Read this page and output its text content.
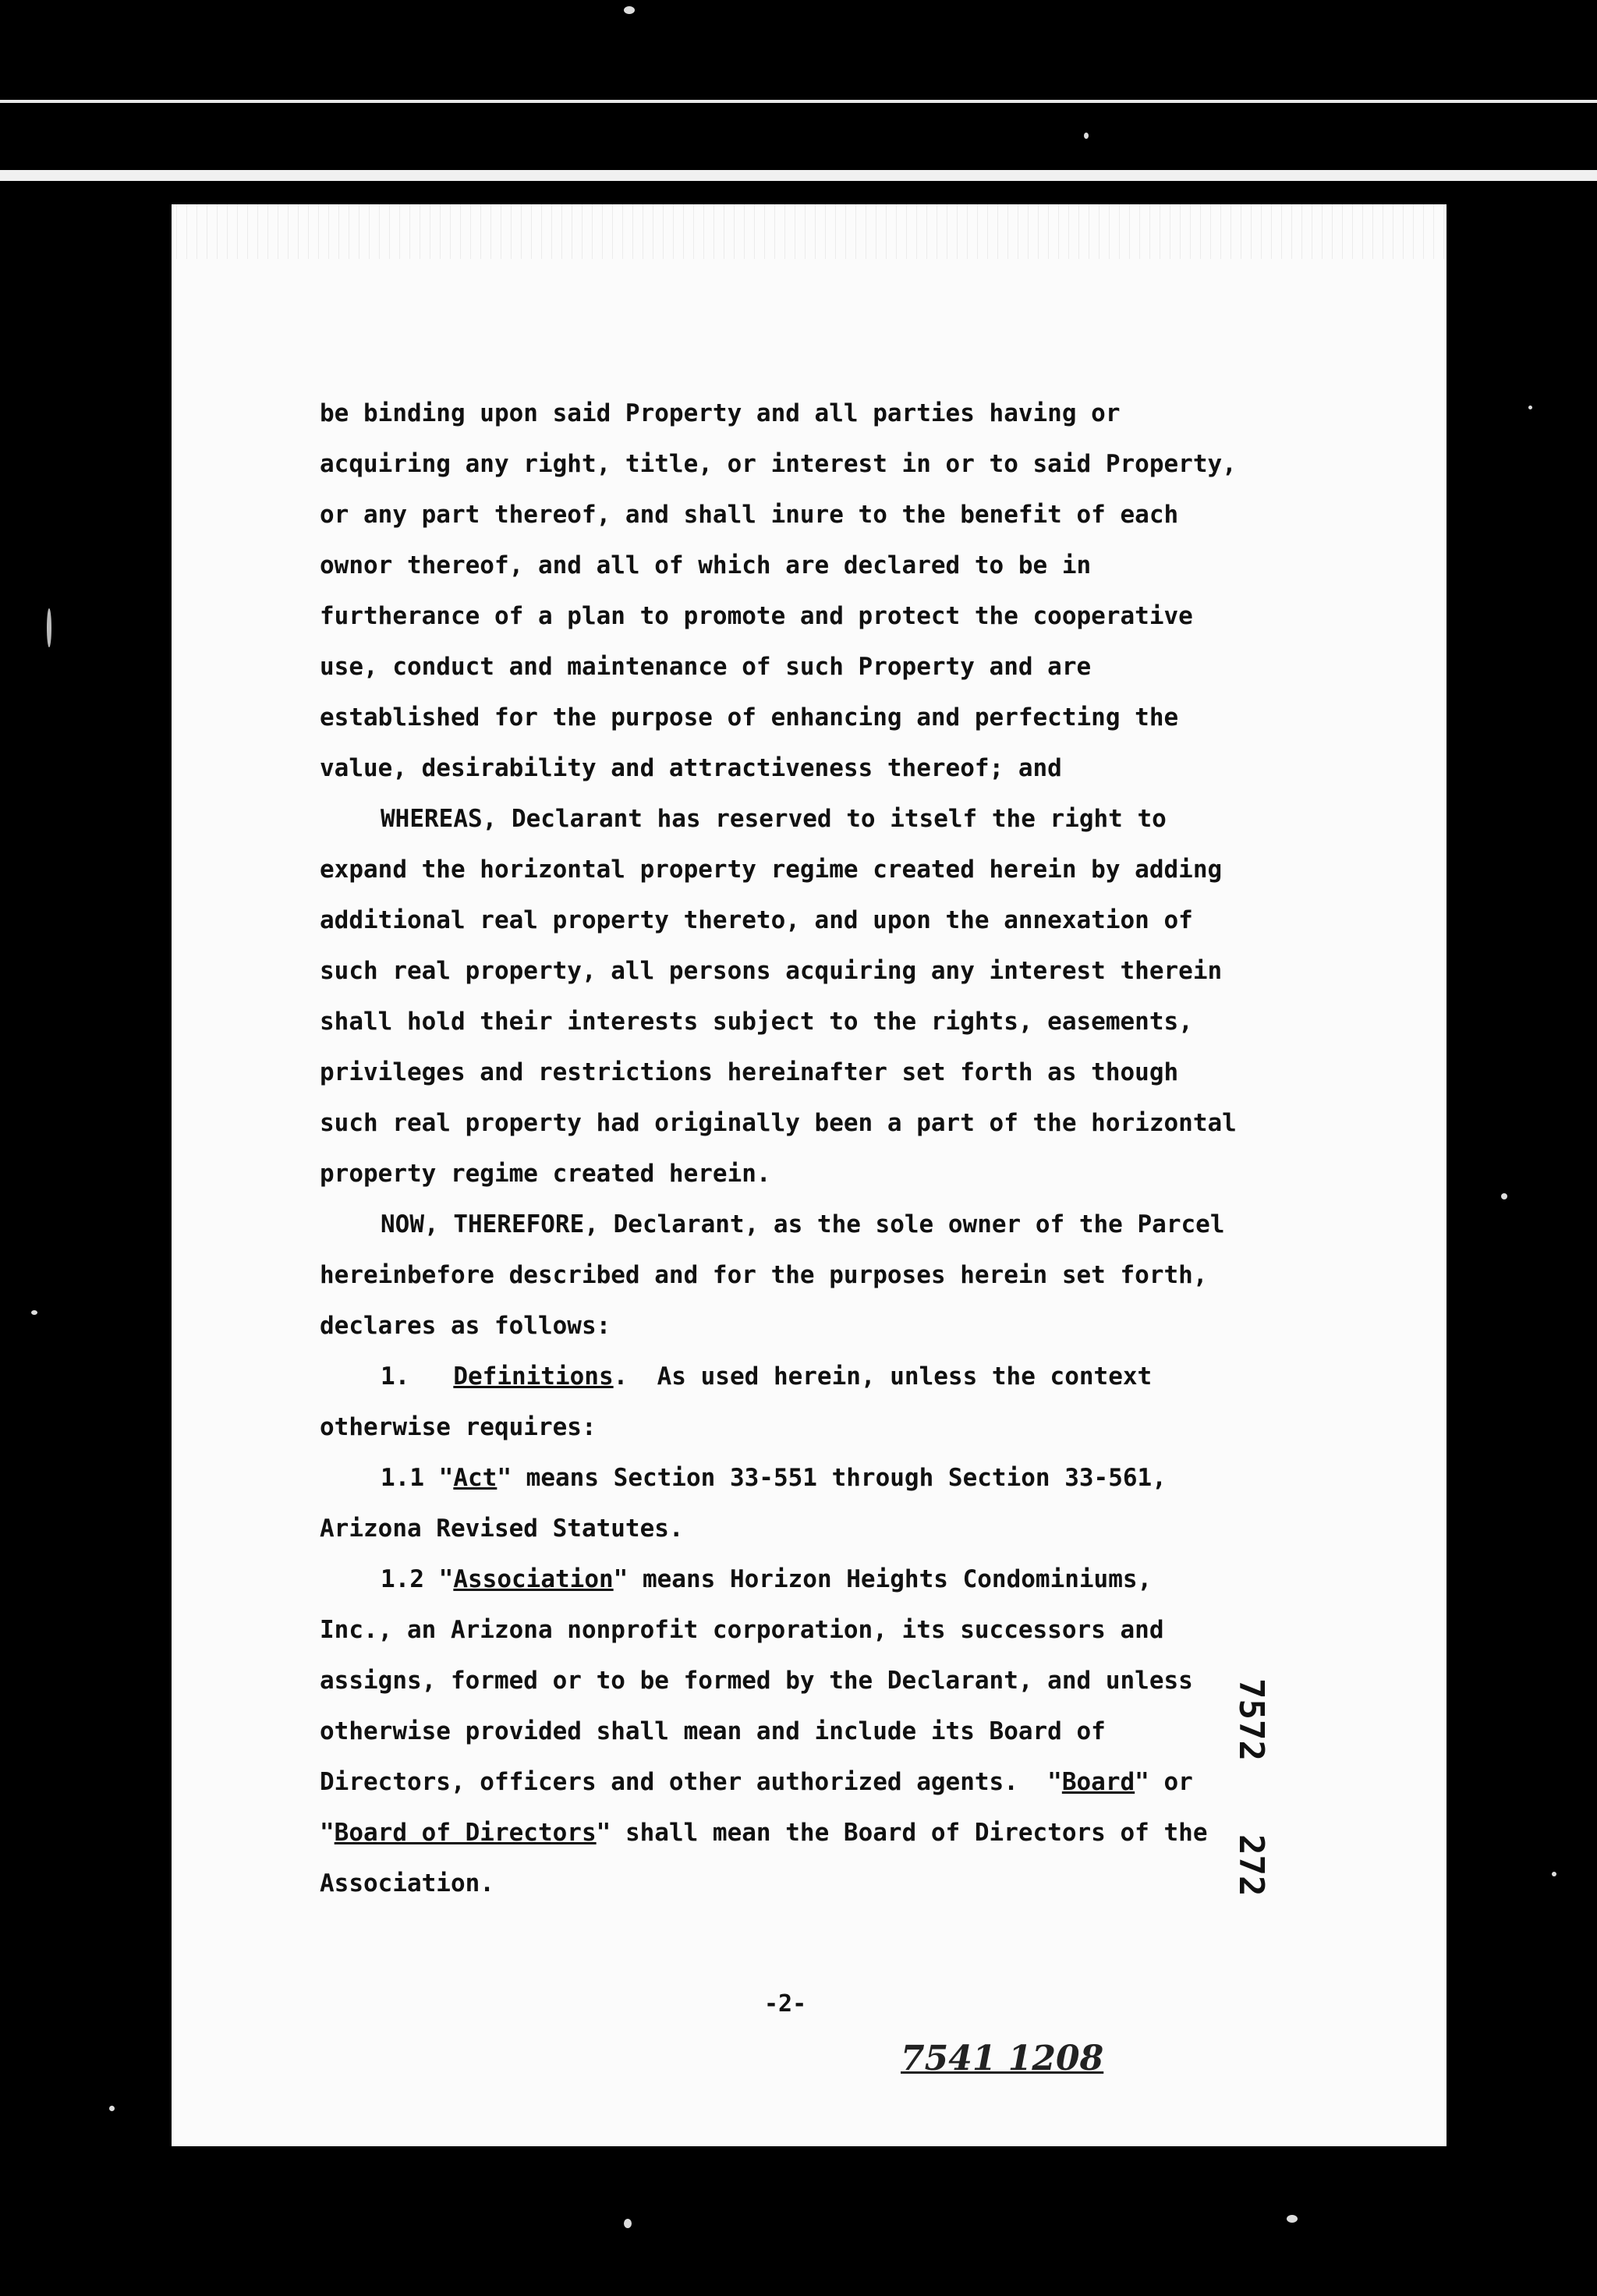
be binding upon said Property and all parties having or

acquiring any right, title, or interest in or to said Property,

or any part thereof, and shall inure to the benefit of each

ownor thereof, and all of which are declared to be in

furtherance of a plan to promote and protect the cooperative

use, conduct and maintenance of such Property and are

established for the purpose of enhancing and perfecting the

value, desirability and attractiveness thereof; and

WHEREAS, Declarant has reserved to itself the right to

expand the horizontal property regime created herein by adding

additional real property thereto, and upon the annexation of

such real property, all persons acquiring any interest therein

shall hold their interests subject to the rights, easements,

privileges and restrictions hereinafter set forth as though

such real property had originally been a part of the horizontal

property regime created herein.

NOW, THEREFORE, Declarant, as the sole owner of the Parcel

hereinbefore described and for the purposes herein set forth,

declares as follows:

1. Definitions.  As used herein, unless the context

otherwise requires:

1.1 "Act" means Section 33-551 through Section 33-561,

Arizona Revised Statutes.

1.2 "Association" means Horizon Heights Condominiums,

Inc., an Arizona nonprofit corporation, its successors and

assigns, formed or to be formed by the Declarant, and unless

otherwise provided shall mean and include its Board of

Directors, officers and other authorized agents.  "Board" or

"Board of Directors" shall mean the Board of Directors of the

Association.

7572
272
-2-
7541 1208
